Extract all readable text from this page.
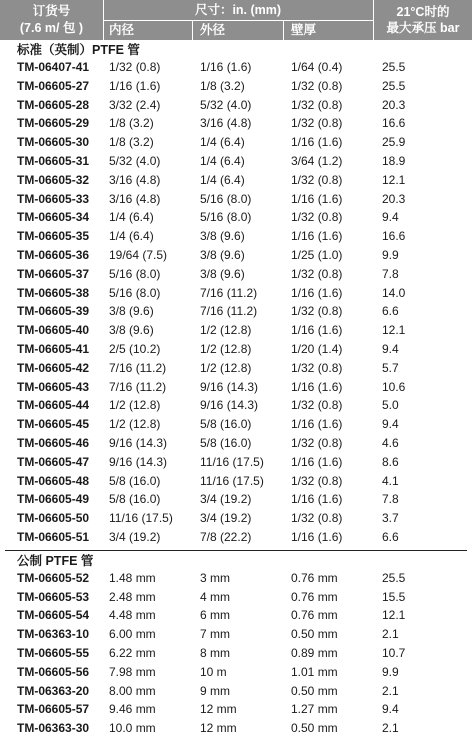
订货号
(7.6 m/ 包 )
尺寸：in. (mm)
内径	外径	壁厚
21°C时的
最大承压 bar
标准（英制）PTFE 管
TM-06407-41 1/32 (0.8)	1/16 (1.6)	1/64 (0.4)	25.5
TM-06605-27 1/16 (1.6)	1/8 (3.2)	1/32 (0.8)	25.5
TM-06605-28 3/32 (2.4)	5/32 (4.0)	1/32 (0.8)	20.3
TM-06605-29 1/8 (3.2)	3/16 (4.8)	1/32 (0.8)	16.6
TM-06605-30 1/8 (3.2)	1/4 (6.4)	1/16 (1.6)	25.9
TM-06605-31 5/32 (4.0)	1/4 (6.4)	3/64 (1.2)	18.9
TM-06605-32 3/16 (4.8)	1/4 (6.4)	1/32 (0.8)	12.1
TM-06605-33 3/16 (4.8)	5/16 (8.0)	1/16 (1.6)	20.3
TM-06605-34 1/4 (6.4)	5/16 (8.0)	1/32 (0.8)	9.4
TM-06605-35 1/4 (6.4)	3/8 (9.6)	1/16 (1.6)	16.6
TM-06605-36 19/64 (7.5)	3/8 (9.6)	1/25 (1.0)	9.9
TM-06605-37 5/16 (8.0)	3/8 (9.6)	1/32 (0.8)	7.8
TM-06605-38 5/16 (8.0)	7/16 (11.2)	1/16 (1.6)	14.0
TM-06605-39 3/8 (9.6)	7/16 (11.2)	1/32 (0.8)	6.6
TM-06605-40 3/8 (9.6)	1/2 (12.8)	1/16 (1.6)	12.1
TM-06605-41 2/5 (10.2)	1/2 (12.8)	1/20 (1.4)	9.4
TM-06605-42 7/16 (11.2)	1/2 (12.8)	1/32 (0.8)	5.7
TM-06605-43 7/16 (11.2)	9/16 (14.3)	1/16 (1.6)	10.6
TM-06605-44 1/2 (12.8)	9/16 (14.3)	1/32 (0.8)	5.0
TM-06605-45 1/2 (12.8)	5/8 (16.0)	1/16 (1.6)	9.4
TM-06605-46 9/16 (14.3)	5/8 (16.0)	1/32 (0.8)	4.6
TM-06605-47 9/16 (14.3)	11/16 (17.5) 1/16 (1.6)	8.6
TM-06605-48 5/8 (16.0)	11/16 (17.5) 1/32 (0.8)	4.1
TM-06605-49 5/8 (16.0)	3/4 (19.2)	1/16 (1.6)	7.8
TM-06605-50 11/16 (17.5) 3/4 (19.2)	1/32 (0.8)	3.7
TM-06605-51 3/4 (19.2)	7/8 (22.2)	1/16 (1.6)	6.6
公制 PTFE 管
TM-06605-52 1.48 mm	3 mm	0.76 mm	25.5
TM-06605-53 2.48 mm	4 mm	0.76 mm	15.5
TM-06605-54 4.48 mm	6 mm	0.76 mm	12.1
TM-06363-10 6.00 mm	7 mm	0.50 mm	2.1
TM-06605-55 6.22 mm	8 mm	0.89 mm	10.7
TM-06605-56 7.98 mm	10 m	1.01 mm	9.9
TM-06363-20 8.00 mm	9 mm	0.50 mm	2.1
TM-06605-57 9.46 mm	12 mm	1.27 mm	9.4
TM-06363-30 10.0 mm	12 mm	0.50 mm	2.1
